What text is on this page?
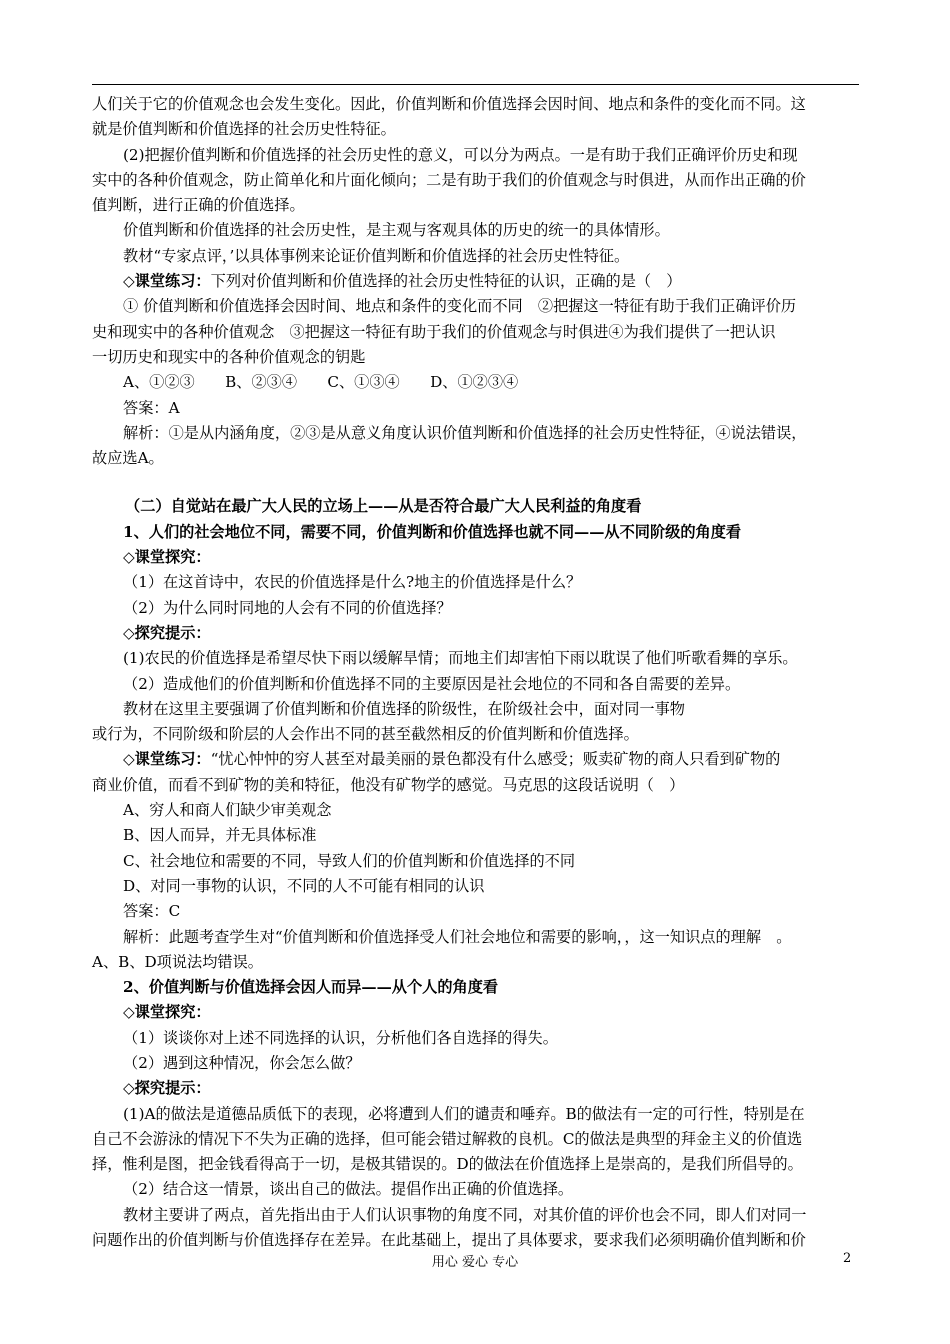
人们关于它的价值观念也会发生变化。因此，价值判断和价值选择会因时间、地点和条件的变化而不同。这
就是价值判断和价值选择的社会历史性特征。
(2)把握价值判断和价值选择的社会历史性的意义，可以分为两点。一是有助于我们正确评价历史和现
实中的各种价值观念，防止简单化和片面化倾向；二是有助于我们的价值观念与时俱进，从而作出正确的价
值判断，进行正确的价值选择。
价值判断和价值选择的社会历史性，是主观与客观具体的历史的统一的具体情形。
教材“专家点评，’以具体事例来论证价值判断和价值选择的社会历史性特征。
◇课堂练习：下列对价值判断和价值选择的社会历史性特征的认识，正确的是（　）
① 价值判断和价值选择会因时间、地点和条件的变化而不同　②把握这一特征有助于我们正确评价历
史和现实中的各种价值观念　③把握这一特征有助于我们的价值观念与时俱进④为我们提供了一把认识
一切历史和现实中的各种价值观念的钥匙
A、①②③　　B、②③④　　C、①③④　　D、①②③④
答案：A
解析：①是从内涵角度，②③是从意义角度认识价值判断和价值选择的社会历史性特征，④说法错误，
故应选A。
（二）自觉站在最广大人民的立场上——从是否符合最广大人民利益的角度看
1、人们的社会地位不同，需要不同，价值判断和价值选择也就不同——从不同阶级的角度看
◇课堂探究：
（1）在这首诗中，农民的价值选择是什么?地主的价值选择是什么？
（2）为什么同时同地的人会有不同的价值选择？
◇探究提示：
(1)农民的价值选择是希望尽快下雨以缓解旱情；而地主们却害怕下雨以耽误了他们听歌看舞的享乐。
（2）造成他们的价值判断和价值选择不同的主要原因是社会地位的不同和各自需要的差异。
教材在这里主要强调了价值判断和价值选择的阶级性，在阶级社会中，面对同一事物
或行为，不同阶级和阶层的人会作出不同的甚至截然相反的价值判断和价值选择。
◇课堂练习：“忧心忡忡的穷人甚至对最美丽的景色都没有什么感受；贩卖矿物的商人只看到矿物的
商业价值，而看不到矿物的美和特征，他没有矿物学的感觉。马克思的这段话说明（　）
A、穷人和商人们缺少审美观念
B、因人而异，并无具体标准
C、社会地位和需要的不同，导致人们的价值判断和价值选择的不同
D、对同一事物的认识，不同的人不可能有相同的认识
答案：C
解析：此题考查学生对“价值判断和价值选择受人们社会地位和需要的影响，，这一知识点的理解　。
A、B、D项说法均错误。
2、价值判断与价值选择会因人而异——从个人的角度看
◇课堂探究：
（1）谈谈你对上述不同选择的认识，分析他们各自选择的得失。
（2）遇到这种情况，你会怎么做？
◇探究提示：
(1)A的做法是道德品质低下的表现，必将遭到人们的谴责和唾弃。B的做法有一定的可行性，特别是在
自己不会游泳的情况下不失为正确的选择，但可能会错过解救的良机。C的做法是典型的拜金主义的价值选
择，惟利是图，把金钱看得高于一切，是极其错误的。D的做法在价值选择上是崇高的，是我们所倡导的。
（2）结合这一情景，谈出自己的做法。提倡作出正确的价值选择。
教材主要讲了两点，首先指出由于人们认识事物的角度不同，对其价值的评价也会不同，即人们对同一
问题作出的价值判断与价值选择存在差异。在此基础上，提出了具体要求，要求我们必须明确价值判断和价
用心 爱心 专心	2
